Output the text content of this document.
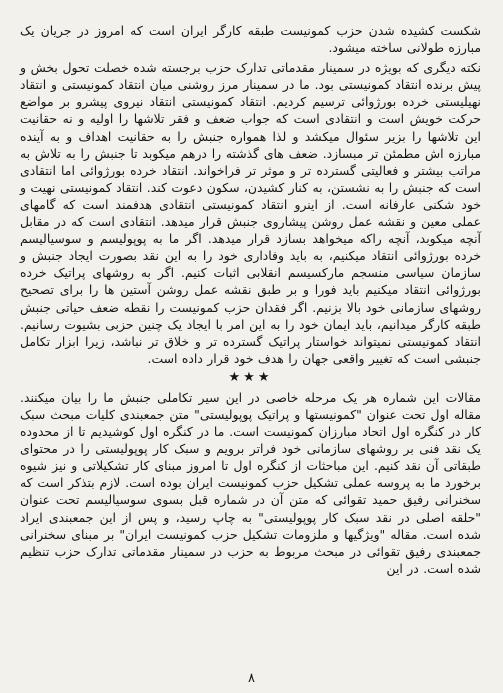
شکست کشیده شدن حزب کمونیست طبقه کارگر ایران است که امروز در جریان یک مبارزه طولانی ساخته میشود.

نکته دیگری که بویژه در سمینار مقدماتی تدارک حزب برجسته شده خصلت تحول بخش و پیش برنده انتقاد کمونیستی بود. ما در سمینار مرز روشنی میان انتقاد کمونیستی و انتقاد نهیلیستی خرده بورژوائی ترسیم کردیم. انتقاد کمونیستی انتقاد نیروی پیشرو بر مواضع حرکت خویش است و انتقادی است که جواب ضعف و فقر تلاشها را اولیه و نه حقانیت این تلاشها را بزیر سئوال میکشد و لذا همواره جنبش را به حقانیت اهداف و به آینده مبارزه اش مطمئن تر مبسازد. ضعف های گذشته را درهم میکوبد تا جنبش را به تلاش به مراتب بیشتر و فعالیتی گسترده تر و موثر تر فراخواند. انتقاد خرده بورژوائی اما انتقادی است که جنبش را به نشستن، به کنار کشیدن، سکون دعوت کند. انتقاد کمونیستی نهیت و خود شکنی عارفانه است. از اینرو انتقاد کمونیستی انتقادی هدفمند است که گامهای عملی معین و نقشه عمل روشن پیشاروی جنبش قرار میدهد. انتقادی است که در مقابل آنچه میکوبد، آنچه راکه میخواهد بسازد قرار میدهد. اگر ما به پوپولیسم و سوسیالیسم خرده بورژوائی انتقاد میکنیم، به باید وفاداری خود را به این نقد بصورت ایجاد جنبش و سازمان سیاسی منسجم مارکسیسم انقلابی اثبات کنیم. اگر به روشهای پراتیک خرده بورژوائی انتقاد میکنیم باید فورا و بر طبق نقشه عمل روشن آستین ها را برای تصحیح روشهای سازمانی خود بالا بزنیم. اگر فقدان حزب کمونیست را نقطه ضعف حیاتی جنبش طبقه کارگر میدانیم، باید ایمان خود را به این امر با ایجاد یک چنین حزبی بشیوت رسانیم. انتقاد کمونیستی نمیتواند خواستار پراتیک گسترده تر و خلاق تر نباشد، زیرا ابزار تکامل جنبشی است که تغییر واقعی جهان را هدف خود قرار داده است.

★★★

مقالات این شماره هر یک مرحله خاصی در این سیر تکاملی جنبش ما را بیان میکنند. مقاله اول تحت عنوان "کمونیستها و پراتیک پوپولیستی" متن جمعبندی کلیات مبحث سبک کار در کنگره اول اتحاد مبارزان کمونیست است. ما در کنگره اول کوشیدیم تا از محدوده یک نقد فنی بر روشهای سازمانی خود فراتر برویم و سبک کار پوپولیستی را در محتوای طبقاتی آن نقد کنیم. این مباحثات از کنگره اول تا امروز مبنای کار تشکیلاتی و نیز شیوه برخورد ما به پروسه عملی تشکیل حزب کمونیست ایران بوده است. لازم بتذکر است که سخنرانی رفیق حمید تقوائی که متن آن در شماره قبل بسوی سوسیالیسم تحت عنوان "حلقه اصلی در نقد سبک کار پوپولیستی" به چاپ رسید، و پس از این جمعبندی ایراد شده است. مقاله "ویژگیها و ملزومات تشکیل حزب کمونیست ایران" بر مبنای سخنرانی جمعبندی رفیق تقوائی در مبحث مربوط به حزب در سمینار مقدماتی تدارک حزب تنظیم شده است. در این

٨
